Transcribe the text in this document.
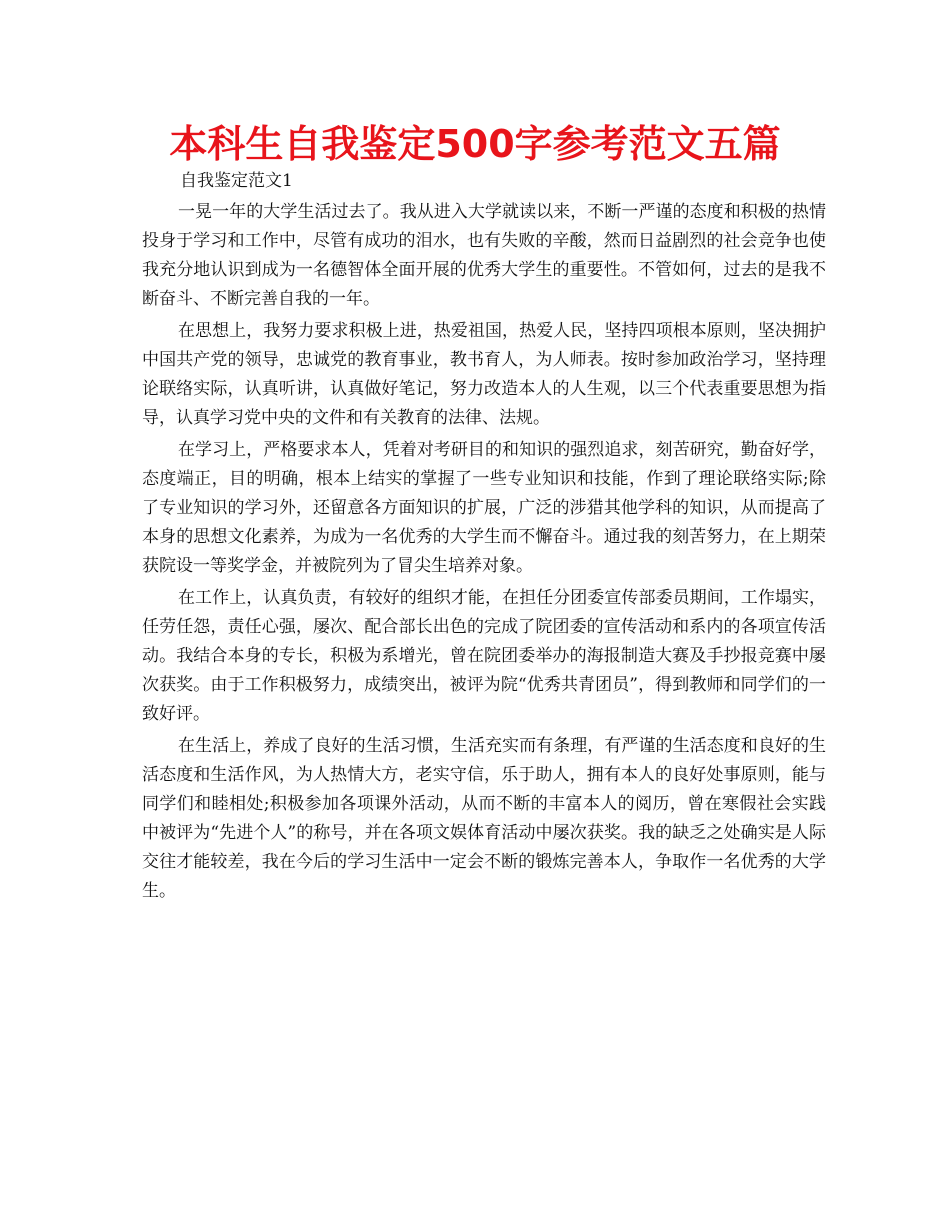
本科生自我鉴定500字参考范文五篇
自我鉴定范文1

一晃一年的大学生活过去了。我从进入大学就读以来，不断一严谨的态度和积极的热情投身于学习和工作中，尽管有成功的泪水，也有失败的辛酸，然而日益剧烈的社会竞争也使我充分地认识到成为一名德智体全面开展的优秀大学生的重要性。不管如何，过去的是我不断奋斗、不断完善自我的一年。

在思想上，我努力要求积极上进，热爱祖国，热爱人民，坚持四项根本原则，坚决拥护中国共产党的领导，忠诚党的教育事业，教书育人，为人师表。按时参加政治学习，坚持理论联络实际，认真听讲，认真做好笔记，努力改造本人的人生观，以三个代表重要思想为指导，认真学习党中央的文件和有关教育的法律、法规。

在学习上，严格要求本人，凭着对考研目的和知识的强烈追求，刻苦研究，勤奋好学，态度端正，目的明确，根本上结实的掌握了一些专业知识和技能，作到了理论联络实际;除了专业知识的学习外，还留意各方面知识的扩展，广泛的涉猎其他学科的知识，从而提高了本身的思想文化素养，为成为一名优秀的大学生而不懈奋斗。通过我的刻苦努力，在上期荣获院设一等奖学金，并被院列为了冒尖生培养对象。

在工作上，认真负责，有较好的组织才能，在担任分团委宣传部委员期间，工作塌实，任劳任怨，责任心强，屡次、配合部长出色的完成了院团委的宣传活动和系内的各项宣传活动。我结合本身的专长，积极为系增光，曾在院团委举办的海报制造大赛及手抄报竞赛中屡次获奖。由于工作积极努力，成绩突出，被评为院“优秀共青团员”，得到教师和同学们的一致好评。

在生活上，养成了良好的生活习惯，生活充实而有条理，有严谨的生活态度和良好的生活态度和生活作风，为人热情大方，老实守信，乐于助人，拥有本人的良好处事原则，能与同学们和睦相处;积极参加各项课外活动，从而不断的丰富本人的阅历，曾在寒假社会实践中被评为“先进个人”的称号，并在各项文娱体育活动中屡次获奖。我的缺乏之处确实是人际交往才能较差，我在今后的学习生活中一定会不断的锻炼完善本人，争取作一名优秀的大学生。
